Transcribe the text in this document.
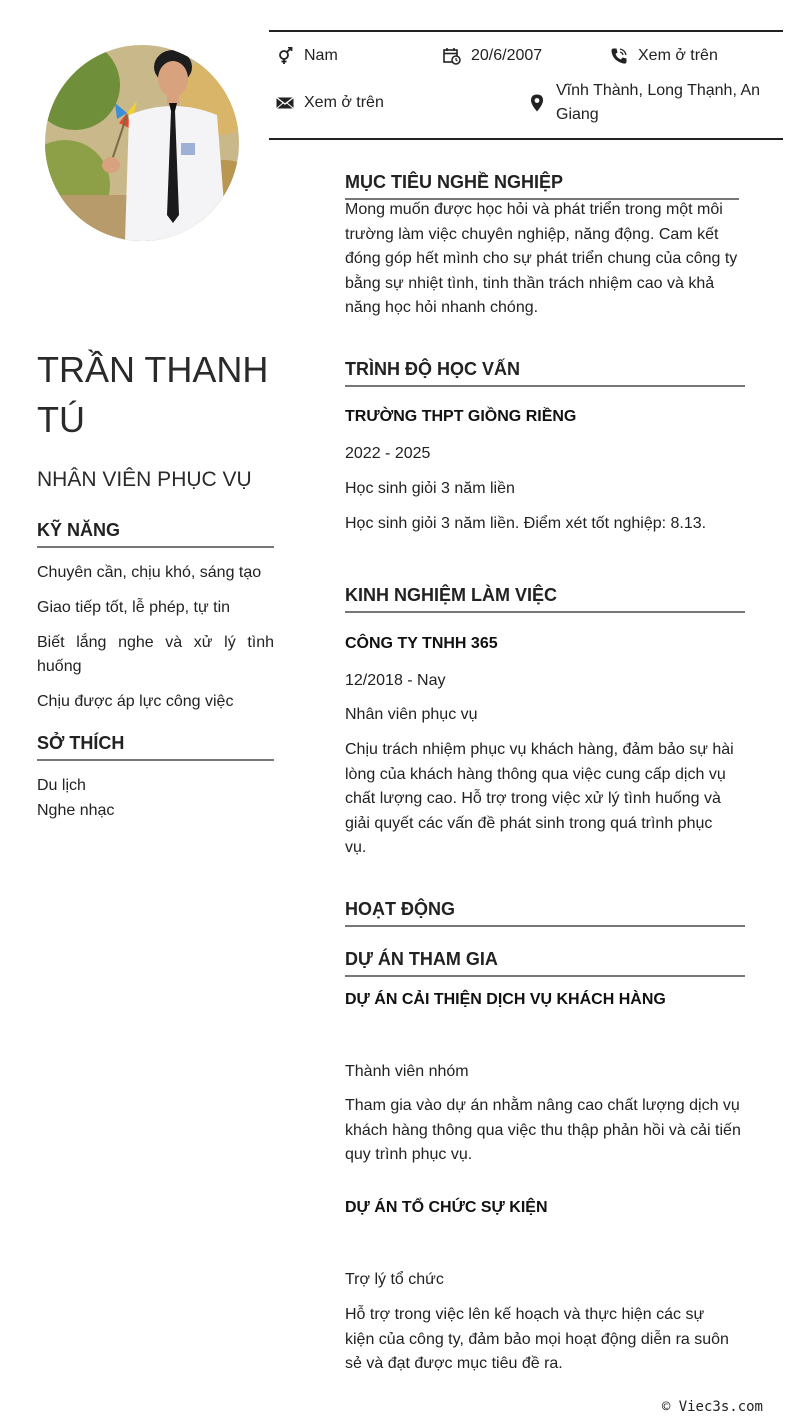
Nam	20/6/2007	Xem ở trên
Xem ở trên
Vĩnh Thành, Long Thạnh, An Giang
TRẦN THANH TÚ
NHÂN VIÊN PHỤC VỤ
KỸ NĂNG
Chuyên cần, chịu khó, sáng tạo
Giao tiếp tốt, lễ phép, tự tin
Biết lắng nghe và xử lý tình huống
Chịu được áp lực công việc
SỞ THÍCH
Du lịch
Nghe nhạc
MỤC TIÊU NGHỀ NGHIỆP
Mong muốn được học hỏi và phát triển trong một môi trường làm việc chuyên nghiệp, năng động. Cam kết đóng góp hết mình cho sự phát triển chung của công ty bằng sự nhiệt tình, tinh thần trách nhiệm cao và khả năng học hỏi nhanh chóng.
TRÌNH ĐỘ HỌC VẤN
TRƯỜNG THPT GIỒNG RIỀNG
2022 - 2025
Học sinh giỏi 3 năm liền
Học sinh giỏi 3 năm liền. Điểm xét tốt nghiệp: 8.13.
KINH NGHIỆM LÀM VIỆC
CÔNG TY TNHH 365
12/2018 - Nay
Nhân viên phục vụ
Chịu trách nhiệm phục vụ khách hàng, đảm bảo sự hài lòng của khách hàng thông qua việc cung cấp dịch vụ chất lượng cao. Hỗ trợ trong việc xử lý tình huống và giải quyết các vấn đề phát sinh trong quá trình phục vụ.
HOẠT ĐỘNG
DỰ ÁN THAM GIA
DỰ ÁN CẢI THIỆN DỊCH VỤ KHÁCH HÀNG
Thành viên nhóm
Tham gia vào dự án nhằm nâng cao chất lượng dịch vụ khách hàng thông qua việc thu thập phản hồi và cải tiến quy trình phục vụ.
DỰ ÁN TỔ CHỨC SỰ KIỆN
Trợ lý tổ chức
Hỗ trợ trong việc lên kế hoạch và thực hiện các sự kiện của công ty, đảm bảo mọi hoạt động diễn ra suôn sẻ và đạt được mục tiêu đề ra.
© Viec3s.com
